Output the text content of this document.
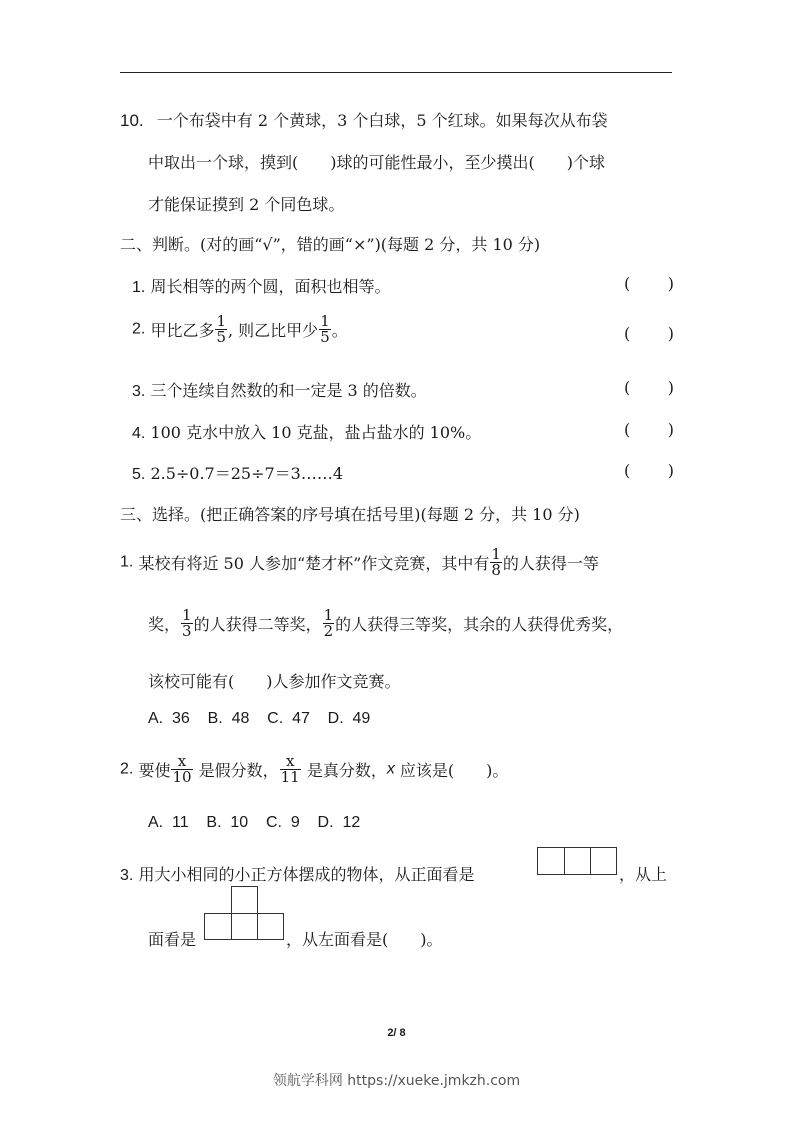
10. 一个布袋中有 2 个黄球，3 个白球，5 个红球。如果每次从布袋
中取出一个球，摸到(　　)球的可能性最小，至少摸出(　　)个球
才能保证摸到 2 个同色球。
二、判断。(对的画“√”，错的画“×”)(每题 2 分，共 10 分)
1. 周长相等的两个圆，面积也相等。	( )
2. 甲比乙多 $\frac{1}{5}$ , 则乙比甲少 $\frac{1}{5}$ 。	( )
3. 三个连续自然数的和一定是 3 的倍数。	( )
4. 100 克水中放入 10 克盐，盐占盐水的 10%。	( )
5. 2.5÷0.7＝25÷7＝3……4	( )
三、选择。(把正确答案的序号填在括号里)(每题 2 分，共 10 分)
1. 某校有将近 50 人参加“楚才杯”作文竞赛，其中有 $\frac{1}{8}$ 的人获得一等
奖， $\frac{1}{3}$ 的人获得二等奖， $\frac{1}{2}$ 的人获得三等奖，其余的人获得优秀奖，
该校可能有(　　)人参加作文竞赛。
A.  36    B.  48    C.  47    D.  49
2. 要使 $\frac{x}{10}$ 是假分数， $\frac{x}{11}$ 是真分数，x 应该是(　　)。
A.  11    B.  10    C.  9    D.  12
3. 用大小相同的小正方体摆成的物体，从正面看是	，从上
面看是	，从左面看是(　　)。
2/ 8
领航学科网 https://xueke.jmkzh.com
